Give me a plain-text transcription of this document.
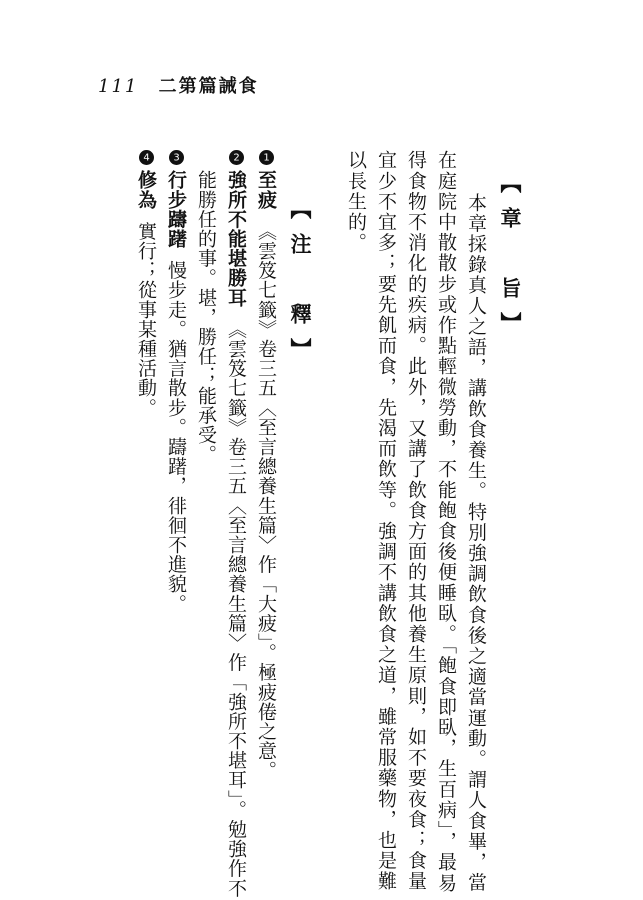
111 二第篇誡食
【章　旨】
　本章採錄真人之語，講飲食養生。特別強調飲食後之適當運動。謂人食畢，當
在庭院中散散步或作點輕微勞動，不能飽食後便睡臥。「飽食即臥，生百病」，最易
得食物不消化的疾病。此外，又講了飲食方面的其他養生原則，如不要夜食；食量
宜少不宜多；要先飢而食，先渴而飲等。強調不講飲食之道，雖常服藥物，也是難
以長生的。
【注　釋】
1至疲《雲笈七籤》卷三五〈至言總養生篇〉作「大疲」。極疲倦之意。
2強所不能堪勝耳《雲笈七籤》卷三五〈至言總養生篇〉作「強所不堪耳」。勉強作不
能勝任的事。堪，勝任；能承受。
3行步躊躇慢步走。猶言散步。躊躇，徘徊不進貌。
4修為實行；從事某種活動。
